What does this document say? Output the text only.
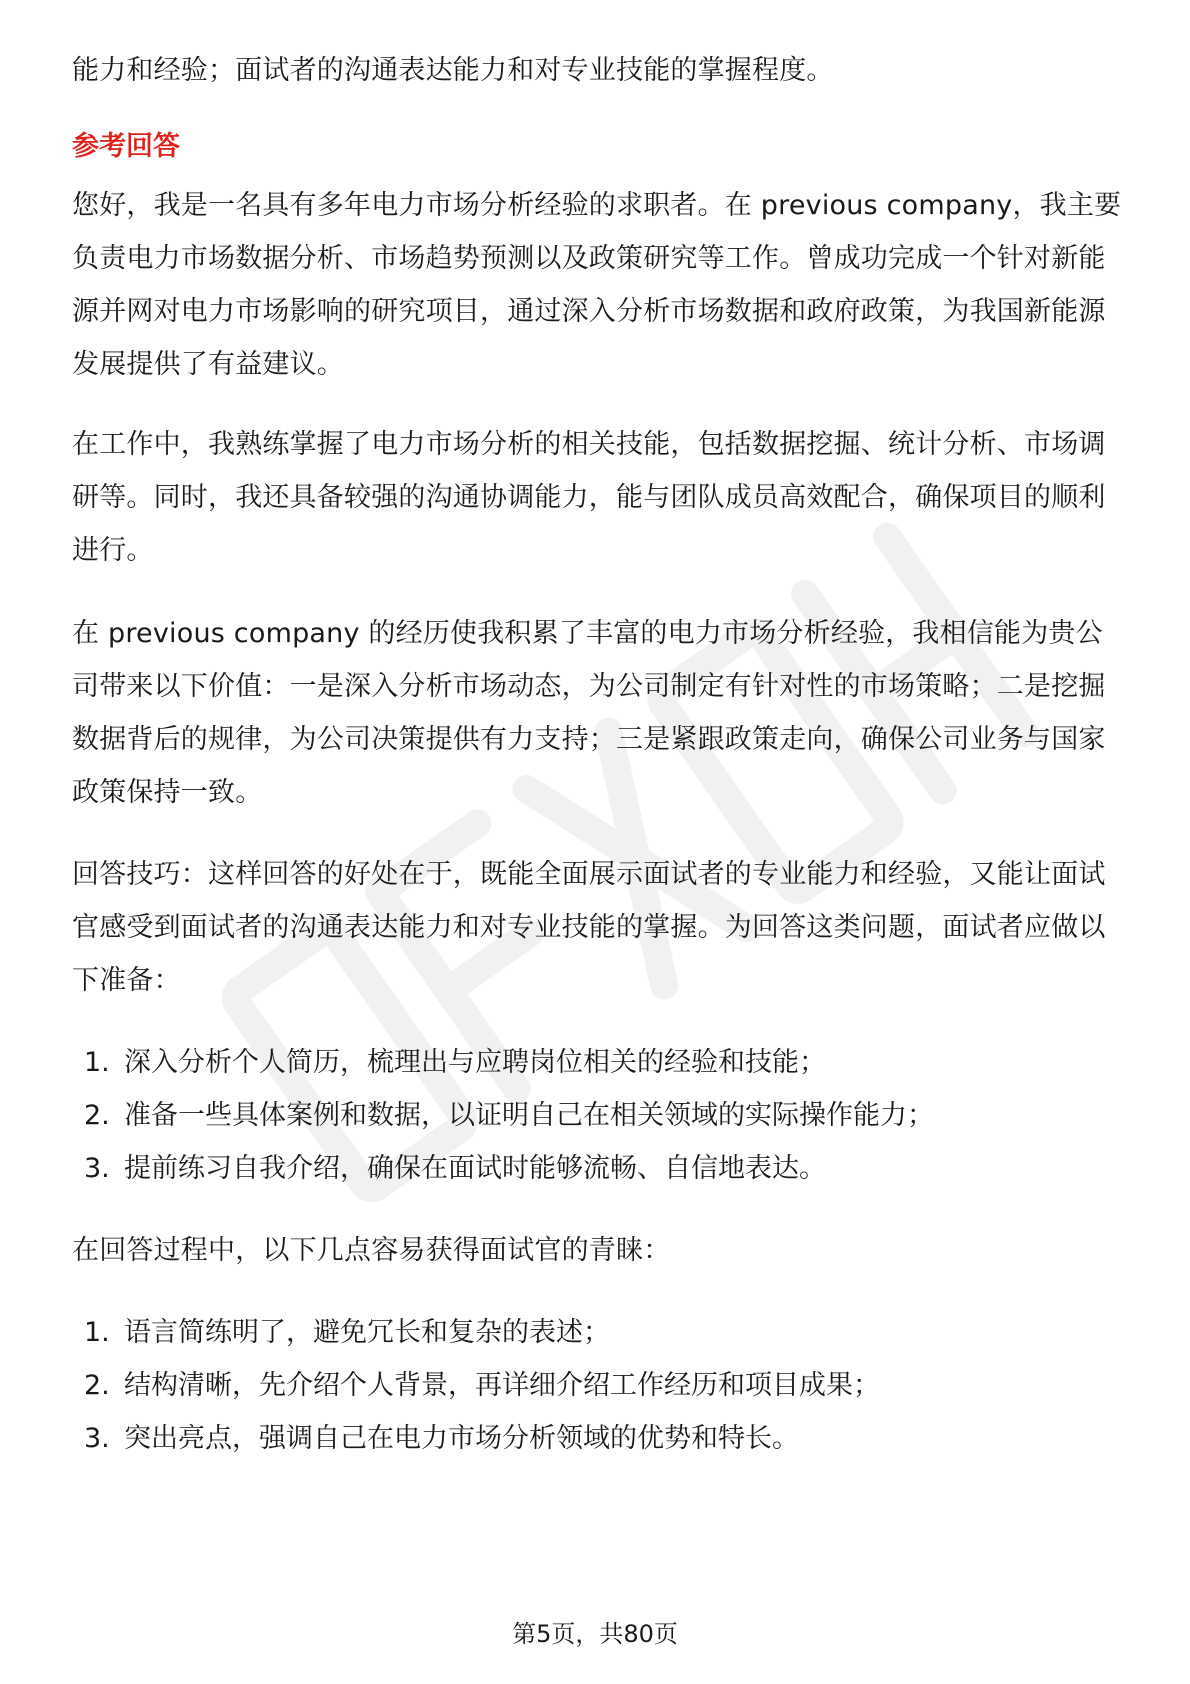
能力和经验；面试者的沟通表达能力和对专业技能的掌握程度。

参考回答

您好，我是一名具有多年电力市场分析经验的求职者。在 previous company，我主要负责电力市场数据分析、市场趋势预测以及政策研究等工作。曾成功完成一个针对新能源并网对电力市场影响的研究项目，通过深入分析市场数据和政府政策，为我国新能源发展提供了有益建议。

在工作中，我熟练掌握了电力市场分析的相关技能，包括数据挖掘、统计分析、市场调研等。同时，我还具备较强的沟通协调能力，能与团队成员高效配合，确保项目的顺利进行。

在 previous company 的经历使我积累了丰富的电力市场分析经验，我相信能为贵公司带来以下价值：一是深入分析市场动态，为公司制定有针对性的市场策略；二是挖掘数据背后的规律，为公司决策提供有力支持；三是紧跟政策走向，确保公司业务与国家政策保持一致。

回答技巧：这样回答的好处在于，既能全面展示面试者的专业能力和经验，又能让面试官感受到面试者的沟通表达能力和对专业技能的掌握。为回答这类问题，面试者应做以下准备：

1. 深入分析个人简历，梳理出与应聘岗位相关的经验和技能；
2. 准备一些具体案例和数据，以证明自己在相关领域的实际操作能力；
3. 提前练习自我介绍，确保在面试时能够流畅、自信地表达。

在回答过程中，以下几点容易获得面试官的青睐：

1. 语言简练明了，避免冗长和复杂的表述；
2. 结构清晰，先介绍个人背景，再详细介绍工作经历和项目成果；
3. 突出亮点，强调自己在电力市场分析领域的优势和特长。
第5页，共80页
